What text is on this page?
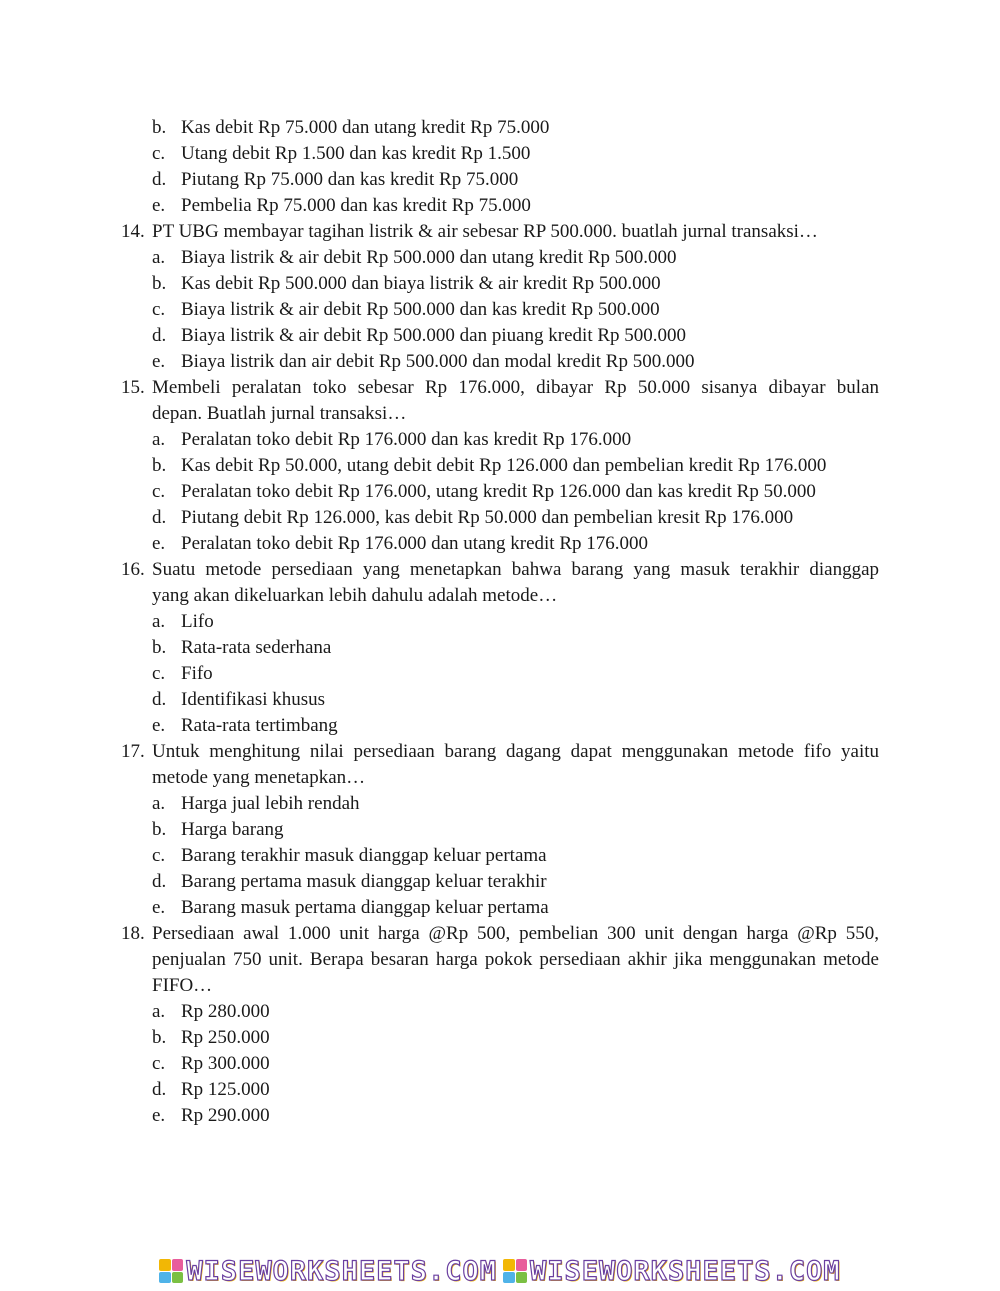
b. Kas debit Rp 75.000 dan utang kredit Rp 75.000
c. Utang debit Rp 1.500 dan kas kredit Rp 1.500
d. Piutang Rp 75.000 dan kas kredit Rp 75.000
e. Pembelia Rp 75.000 dan kas kredit Rp 75.000
14. PT UBG membayar tagihan listrik & air sebesar RP 500.000. buatlah jurnal transaksi…
a. Biaya listrik & air debit Rp 500.000 dan utang kredit Rp 500.000
b. Kas debit Rp 500.000 dan biaya listrik & air kredit Rp 500.000
c. Biaya listrik & air debit Rp 500.000 dan kas kredit Rp 500.000
d. Biaya listrik & air debit Rp 500.000 dan piuang kredit Rp 500.000
e. Biaya listrik dan air debit Rp 500.000 dan modal kredit Rp 500.000
15. Membeli peralatan toko sebesar Rp 176.000, dibayar Rp 50.000 sisanya dibayar bulan
depan. Buatlah jurnal transaksi…
a. Peralatan toko debit Rp 176.000 dan kas kredit Rp 176.000
b. Kas debit Rp 50.000, utang debit debit Rp 126.000 dan pembelian kredit Rp 176.000
c. Peralatan toko debit Rp 176.000, utang kredit Rp 126.000 dan kas kredit Rp 50.000
d. Piutang debit Rp 126.000, kas debit Rp 50.000 dan pembelian kresit Rp 176.000
e. Peralatan toko debit Rp 176.000 dan utang kredit Rp 176.000
16. Suatu metode persediaan yang menetapkan bahwa barang yang masuk terakhir dianggap
yang akan dikeluarkan lebih dahulu adalah metode…
a. Lifo
b. Rata-rata sederhana
c. Fifo
d. Identifikasi khusus
e. Rata-rata tertimbang
17. Untuk menghitung nilai persediaan barang dagang dapat menggunakan metode fifo yaitu
metode yang menetapkan…
a. Harga jual lebih rendah
b. Harga barang
c. Barang terakhir masuk dianggap keluar pertama
d. Barang pertama masuk dianggap keluar terakhir
e. Barang masuk pertama dianggap keluar pertama
18. Persediaan awal 1.000 unit harga @Rp 500, pembelian 300 unit dengan harga @Rp 550,
penjualan 750 unit. Berapa besaran harga pokok persediaan akhir jika menggunakan metode
FIFO…
a. Rp 280.000
b. Rp 250.000
c. Rp 300.000
d. Rp 125.000
e. Rp 290.000
WISEWORKSHEETS.COM WISEWORKSHEETS.COM
